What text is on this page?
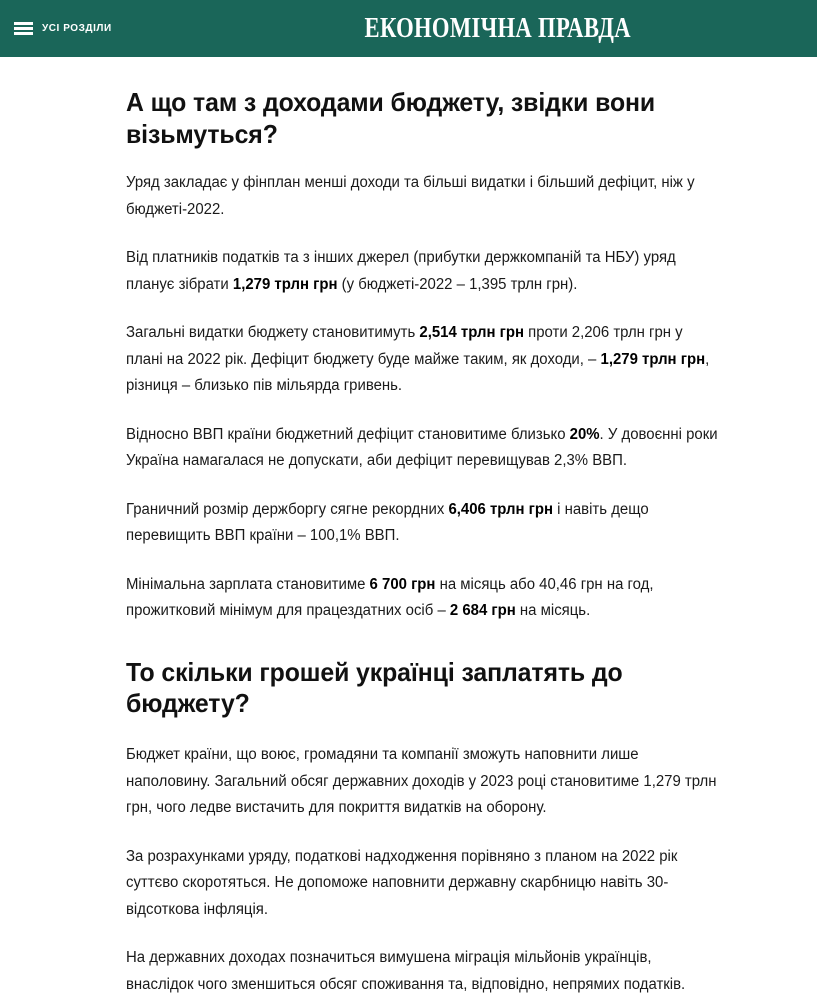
УСІ РОЗДІЛИ	ЕКОНОМІЧНА ПРАВДА
А що там з доходами бюджету, звідки вони візьмуться?

Уряд закладає у фінплан менші доходи та більші видатки і більший дефіцит, ніж у бюджеті-2022.

Від платників податків та з інших джерел (прибутки держкомпаній та НБУ) уряд планує зібрати 1,279 трлн грн (у бюджеті-2022 – 1,395 трлн грн).

Загальні видатки бюджету становитимуть 2,514 трлн грн проти 2,206 трлн грн у плані на 2022 рік. Дефіцит бюджету буде майже таким, як доходи, – 1,279 трлн грн, різниця – близько пів мільярда гривень.

Відносно ВВП країни бюджетний дефіцит становитиме близько 20%. У довоєнні роки Україна намагалася не допускати, аби дефіцит перевищував 2,3% ВВП.

Граничний розмір держборгу сягне рекордних 6,406 трлн грн і навіть дещо перевищить ВВП країни – 100,1% ВВП.

Мінімальна зарплата становитиме 6 700 грн на місяць або 40,46 грн на год, прожитковий мінімум для працездатних осіб – 2 684 грн на місяць.

То скільки грошей українці заплатять до бюджету?

Бюджет країни, що воює, громадяни та компанії зможуть наповнити лише наполовину. Загальний обсяг державних доходів у 2023 році становитиме 1,279 трлн грн, чого ледве вистачить для покриття видатків на оборону.

За розрахунками уряду, податкові надходження порівняно з планом на 2022 рік суттєво скоротяться. Не допоможе наповнити державну скарбницю навіть 30-відсоткова інфляція.

На державних доходах позначиться вимушена міграція мільйонів українців, внаслідок чого зменшиться обсяг споживання та, відповідно, непрямих податків.
